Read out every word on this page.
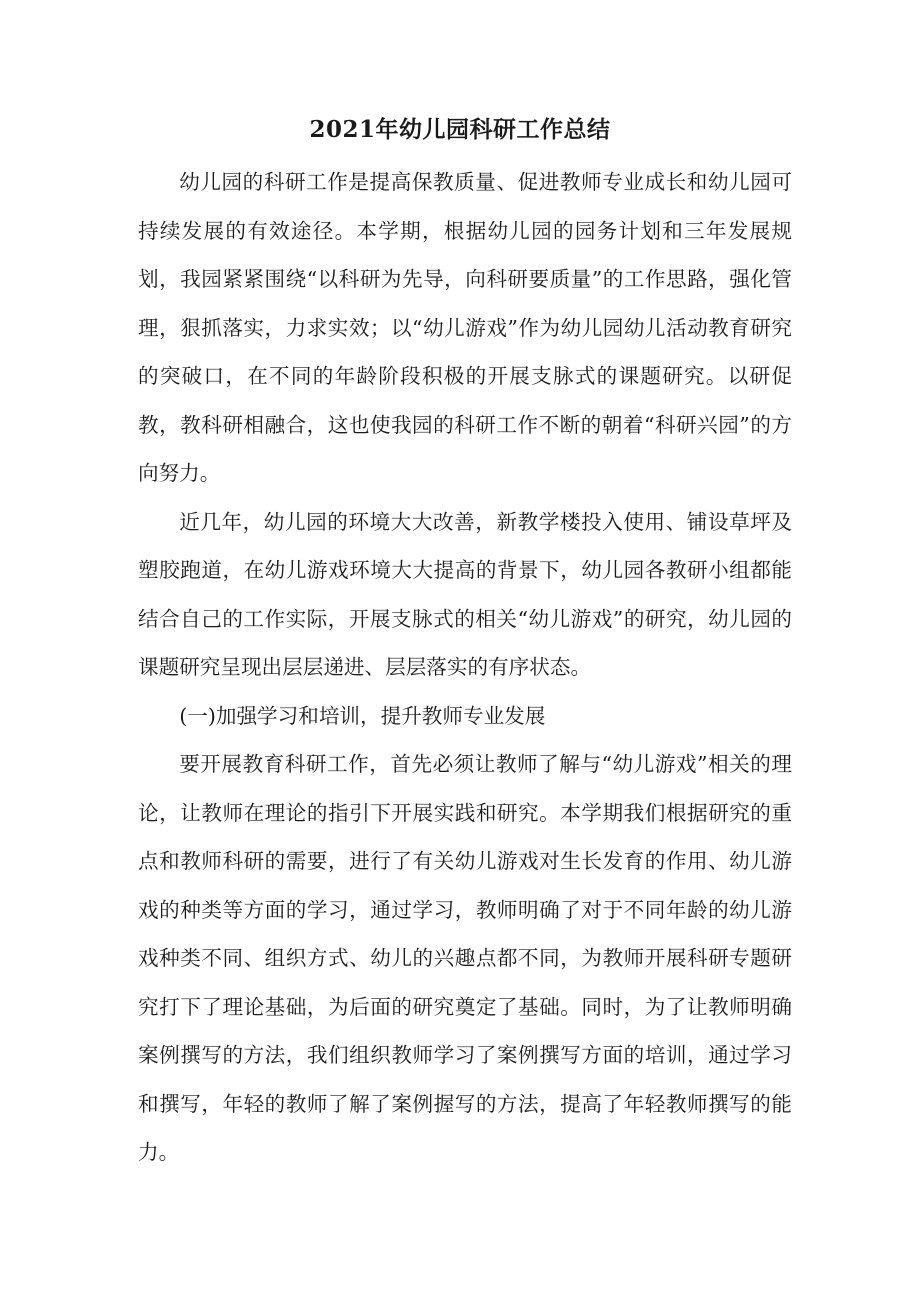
2021年幼儿园科研工作总结

幼儿园的科研工作是提高保教质量、促进教师专业成长和幼儿园可持续发展的有效途径。本学期，根据幼儿园的园务计划和三年发展规划，我园紧紧围绕“以科研为先导，向科研要质量”的工作思路，强化管理，狠抓落实，力求实效；以“幼儿游戏”作为幼儿园幼儿活动教育研究的突破口，在不同的年龄阶段积极的开展支脉式的课题研究。以研促教，教科研相融合，这也使我园的科研工作不断的朝着“科研兴园”的方向努力。

近几年，幼儿园的环境大大改善，新教学楼投入使用、铺设草坪及塑胶跑道，在幼儿游戏环境大大提高的背景下，幼儿园各教研小组都能结合自己的工作实际，开展支脉式的相关“幼儿游戏”的研究，幼儿园的课题研究呈现出层层递进、层层落实的有序状态。

(一)加强学习和培训，提升教师专业发展

要开展教育科研工作，首先必须让教师了解与“幼儿游戏”相关的理论，让教师在理论的指引下开展实践和研究。本学期我们根据研究的重点和教师科研的需要，进行了有关幼儿游戏对生长发育的作用、幼儿游戏的种类等方面的学习，通过学习，教师明确了对于不同年龄的幼儿游戏种类不同、组织方式、幼儿的兴趣点都不同，为教师开展科研专题研究打下了理论基础，为后面的研究奠定了基础。同时，为了让教师明确案例撰写的方法，我们组织教师学习了案例撰写方面的培训，通过学习和撰写，年轻的教师了解了案例握写的方法，提高了年轻教师撰写的能力。
